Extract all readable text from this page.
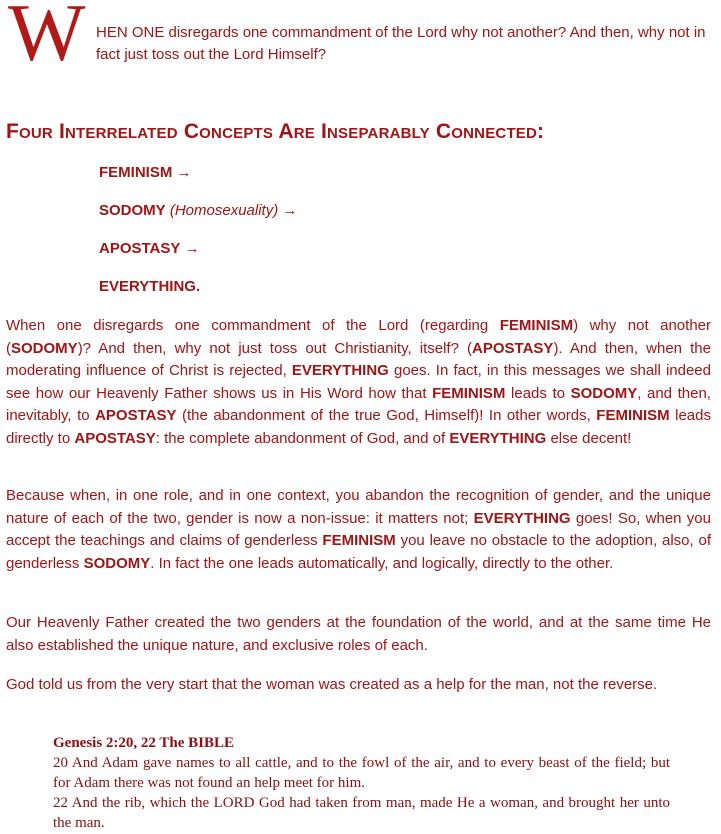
W HEN ONE disregards one commandment of the Lord why not another? And then, why not in fact just toss out the Lord Himself?
Four Interrelated Concepts Are Inseparably Connected:
FEMINISM →
SODOMY (Homosexuality) →
APOSTASY →
EVERYTHING.
When one disregards one commandment of the Lord (regarding FEMINISM) why not another (SODOMY)? And then, why not just toss out Christianity, itself? (APOSTASY). And then, when the moderating influence of Christ is rejected, EVERYTHING goes. In fact, in this messages we shall indeed see how our Heavenly Father shows us in His Word how that FEMINISM leads to SODOMY, and then, inevitably, to APOSTASY (the abandonment of the true God, Himself)! In other words, FEMINISM leads directly to APOSTASY: the complete abandonment of God, and of EVERYTHING else decent!
Because when, in one role, and in one context, you abandon the recognition of gender, and the unique nature of each of the two, gender is now a non-issue: it matters not; EVERYTHING goes! So, when you accept the teachings and claims of genderless FEMINISM you leave no obstacle to the adoption, also, of genderless SODOMY. In fact the one leads automatically, and logically, directly to the other.
Our Heavenly Father created the two genders at the foundation of the world, and at the same time He also established the unique nature, and exclusive roles of each.
God told us from the very start that the woman was created as a help for the man, not the reverse.
Genesis 2:20, 22 The BIBLE
20 And Adam gave names to all cattle, and to the fowl of the air, and to every beast of the field; but for Adam there was not found an help meet for him.
22 And the rib, which the LORD God had taken from man, made He a woman, and brought her unto the man.
